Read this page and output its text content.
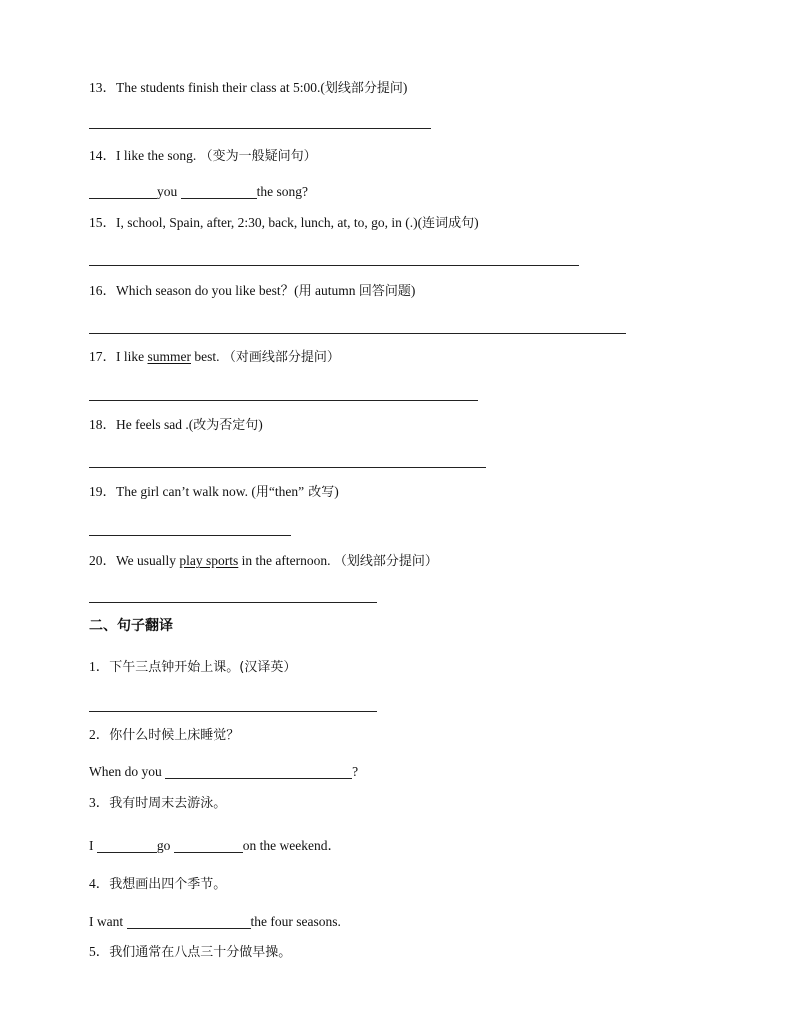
13．The students finish their class at 5:00.(划线部分提问)
14．I like the song. （变为一般疑问句）
you	the song?
15．I, school, Spain, after, 2:30, back, lunch, at, to, go, in (.)(连词成句)
16．Which season do you like best？(用 autumn 回答问题)
17．I like summer best. （对画线部分提问）
18．He feels sad .(改为否定句)
19．The girl can’t walk now. (用“then” 改写)
20．We usually play sports in the afternoon. （划线部分提问）
二、句子翻译
1．下午三点钟开始上课。(汉译英）
2．你什么时候上床睡觉？
When do you	?
3．我有时周末去游泳。
I	go	on the weekend．
4．我想画出四个季节。
I want	the four seasons.
5．我们通常在八点三十分做早操。
